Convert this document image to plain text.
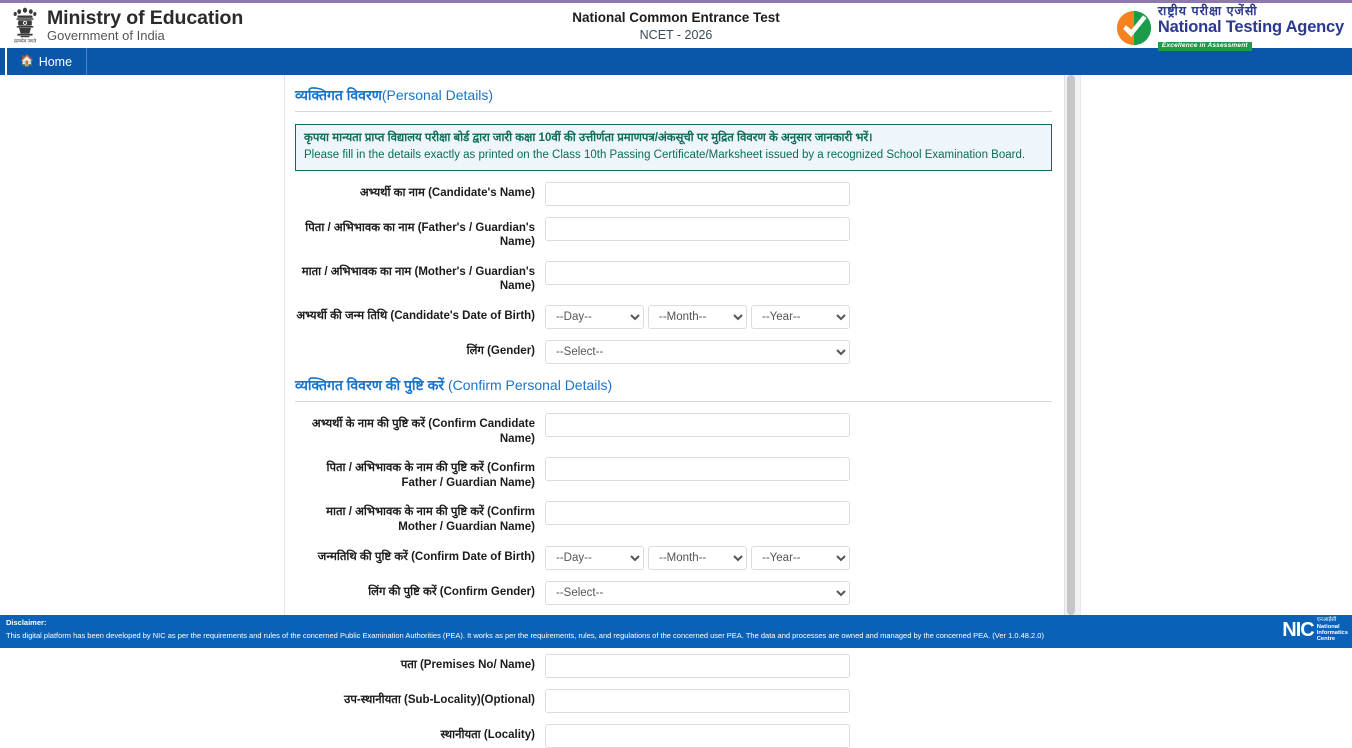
सत्यमेव जयते
Ministry of Education
Government of India
National Common Entrance Test
NCET - 2026
राष्ट्रीय परीक्षा एजेंसी
National Testing Agency
Excellence in Assessment
🏠 Home
व्यक्तिगत विवरण(Personal Details)
कृपया मान्यता प्राप्त विद्यालय परीक्षा बोर्ड द्वारा जारी कक्षा 10वीं की उत्तीर्णता प्रमाणपत्र/अंकसूची पर मुद्रित विवरण के अनुसार जानकारी भरें।
Please fill in the details exactly as printed on the Class 10th Passing Certificate/Marksheet issued by a recognized School Examination Board.
अभ्यर्थी का नाम (Candidate's Name)
पिता / अभिभावक का नाम (Father's / Guardian's Name)
माता / अभिभावक का नाम (Mother's / Guardian's Name)
अभ्यर्थी की जन्म तिथि (Candidate's Date of Birth)
--Day--
--Month--
--Year--
लिंग (Gender)
--Select--
व्यक्तिगत विवरण की पुष्टि करें (Confirm Personal Details)
अभ्यर्थी के नाम की पुष्टि करें (Confirm Candidate Name)
पिता / अभिभावक के नाम की पुष्टि करें (Confirm Father / Guardian Name)
माता / अभिभावक के नाम की पुष्टि करें (Confirm Mother / Guardian Name)
जन्मतिथि की पुष्टि करें (Confirm Date of Birth)
--Day--
--Month--
--Year--
लिंग की पुष्टि करें (Confirm Gender)
--Select--
पता (Premises No/ Name)
उप-स्थानीयता (Sub-Locality)(Optional)
स्थानीयता (Locality)
Disclaimer:
This digital platform has been developed by NIC as per the requirements and rules of the concerned Public Examination Authorities (PEA). It works as per the requirements, rules, and regulations of the concerned user PEA. The data and processes are owned and managed by the concerned PEA. (Ver 1.0.48.2.0)	NIC एनआईसी
National
Informatics
Centre
